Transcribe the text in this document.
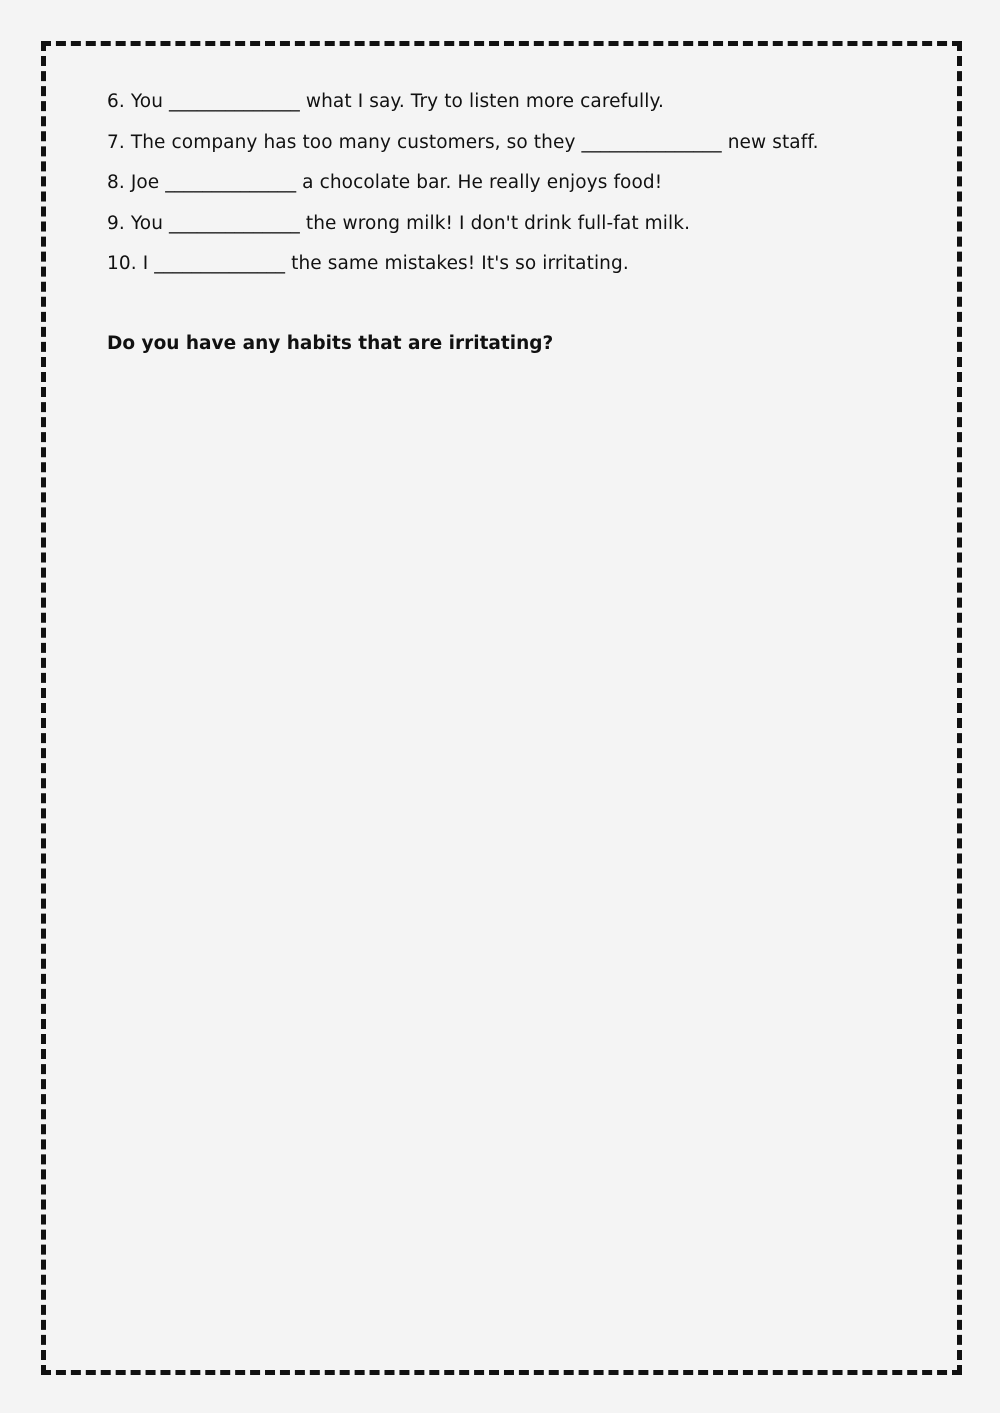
6. You ______________ what I say. Try to listen more carefully.
7. The company has too many customers, so they _______________ new staff.
8. Joe ______________ a chocolate bar. He really enjoys food!
9. You ______________ the wrong milk! I don't drink full-fat milk.
10. I ______________ the same mistakes! It's so irritating.
Do you have any habits that are irritating?
